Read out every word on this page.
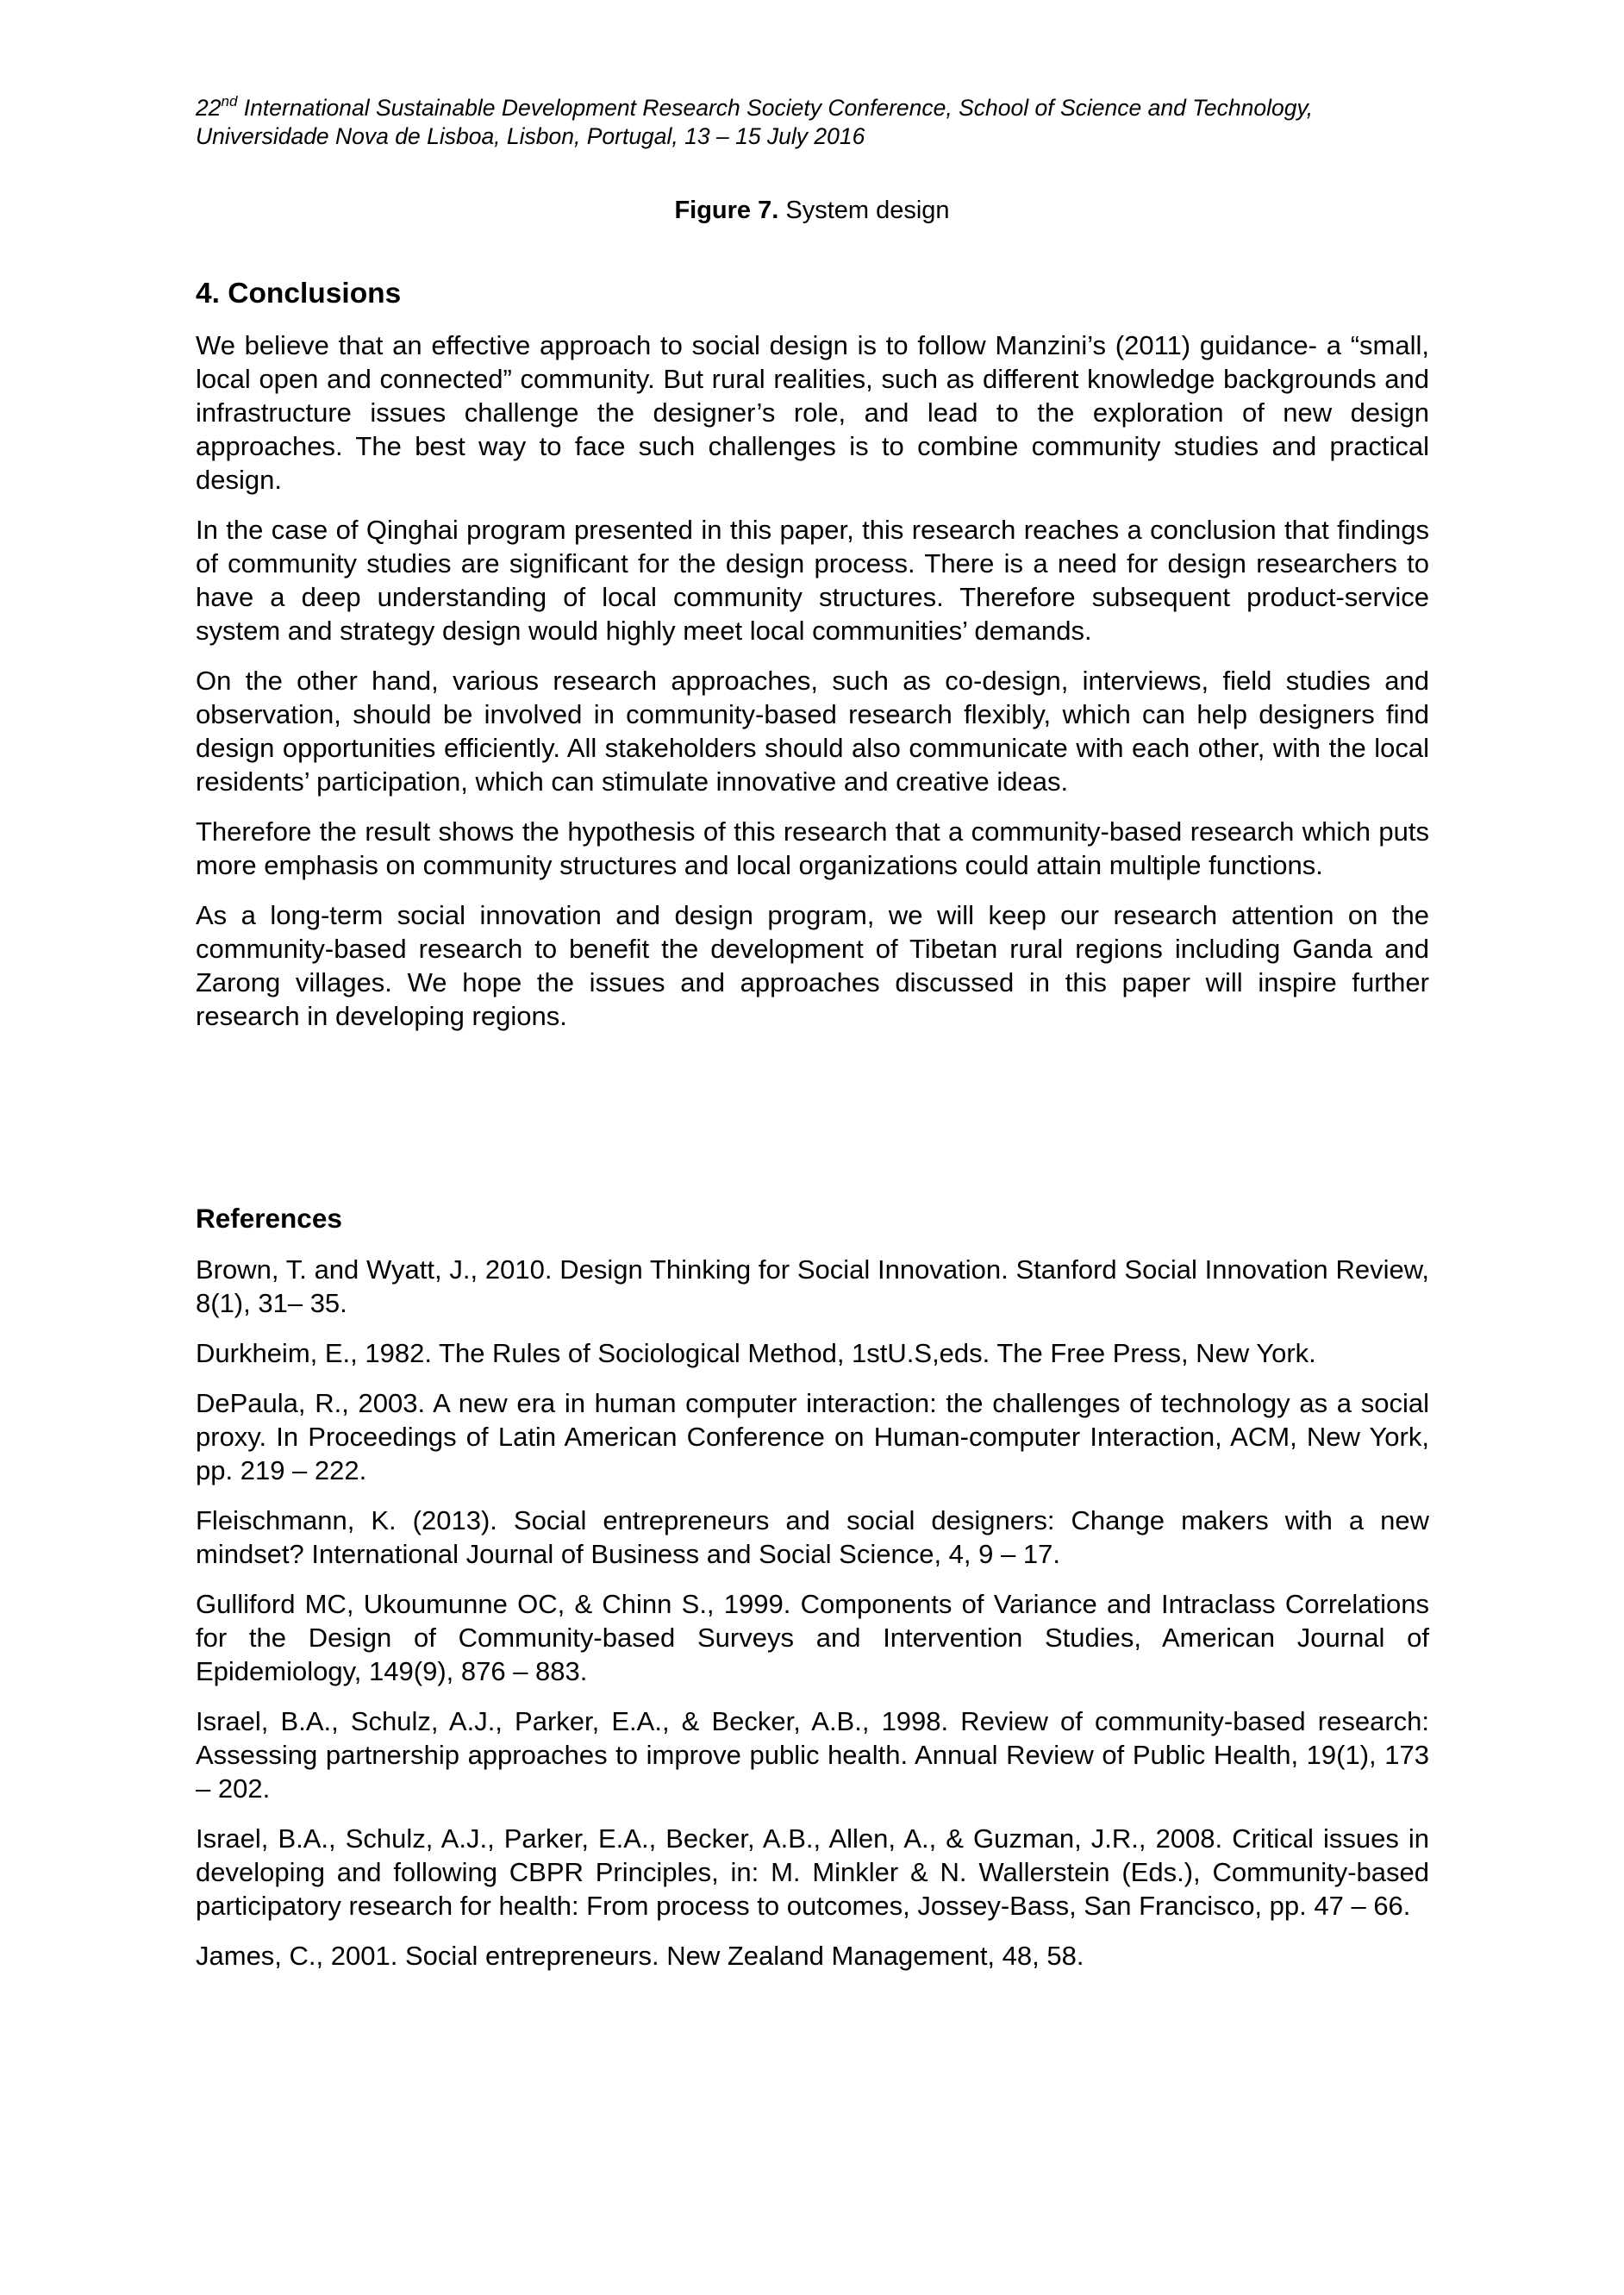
22nd International Sustainable Development Research Society Conference, School of Science and Technology,
Universidade Nova de Lisboa, Lisbon, Portugal, 13 – 15 July 2016
Figure 7. System design
4. Conclusions

We believe that an effective approach to social design is to follow Manzini’s (2011) guidance- a “small, local open and connected” community. But rural realities, such as different knowledge backgrounds and infrastructure issues challenge the designer’s role, and lead to the exploration of new design approaches. The best way to face such challenges is to combine community studies and practical design.

In the case of Qinghai program presented in this paper, this research reaches a conclusion that findings of community studies are significant for the design process. There is a need for design researchers to have a deep understanding of local community structures. Therefore subsequent product-service system and strategy design would highly meet local communities’ demands.

On the other hand, various research approaches, such as co-design, interviews, field studies and observation, should be involved in community-based research flexibly, which can help designers find design opportunities efficiently. All stakeholders should also communicate with each other, with the local residents’ participation, which can stimulate innovative and creative ideas.

Therefore the result shows the hypothesis of this research that a community-based research which puts more emphasis on community structures and local organizations could attain multiple functions.

As a long-term social innovation and design program, we will keep our research attention on the community-based research to benefit the development of Tibetan rural regions including Ganda and Zarong villages. We hope the issues and approaches discussed in this paper will inspire further research in developing regions.

References

Brown, T. and Wyatt, J., 2010. Design Thinking for Social Innovation. Stanford Social Innovation Review, 8(1), 31– 35.

Durkheim, E., 1982. The Rules of Sociological Method, 1stU.S,eds. The Free Press, New York.

DePaula, R., 2003. A new era in human computer interaction: the challenges of technology as a social proxy. In Proceedings of Latin American Conference on Human-computer Interaction, ACM, New York, pp. 219 – 222.

Fleischmann, K. (2013). Social entrepreneurs and social designers: Change makers with a new mindset? International Journal of Business and Social Science, 4, 9 – 17.

Gulliford MC, Ukoumunne OC, & Chinn S., 1999. Components of Variance and Intraclass Correlations for the Design of Community-based Surveys and Intervention Studies, American Journal of Epidemiology, 149(9), 876 – 883.

Israel, B.A., Schulz, A.J., Parker, E.A., & Becker, A.B., 1998. Review of community-based research: Assessing partnership approaches to improve public health. Annual Review of Public Health, 19(1), 173 – 202.

Israel, B.A., Schulz, A.J., Parker, E.A., Becker, A.B., Allen, A., & Guzman, J.R., 2008. Critical issues in developing and following CBPR Principles, in: M. Minkler & N. Wallerstein (Eds.), Community-based participatory research for health: From process to outcomes, Jossey-Bass, San Francisco, pp. 47 – 66.

James, C., 2001. Social entrepreneurs. New Zealand Management, 48, 58.
